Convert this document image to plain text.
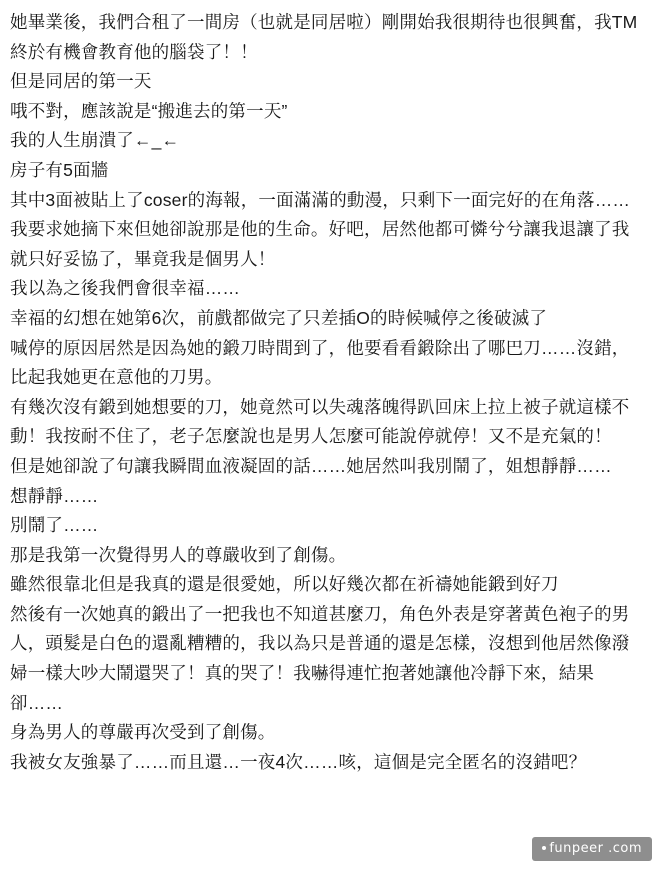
她畢業後，我們合租了一間房（也就是同居啦）剛開始我很期待也很興奮，我TM終於有機會教育他的腦袋了！！

但是同居的第一天

哦不對，應該說是“搬進去的第一天”

我的人生崩潰了←_←

房子有5面牆

其中3面被貼上了coser的海報，一面滿滿的動漫，只剩下一面完好的在角落……

我要求她摘下來但她卻說那是他的生命。好吧，居然他都可憐兮兮讓我退讓了我就只好妥協了，畢竟我是個男人！

我以為之後我們會很幸福……

幸福的幻想在她第6次，前戲都做完了只差插O的時候喊停之後破滅了

喊停的原因居然是因為她的鍛刀時間到了，他要看看鍛除出了哪巴刀……沒錯，比起我她更在意他的刀男。

有幾次沒有鍛到她想要的刀，她竟然可以失魂落魄得趴回床上拉上被子就這樣不動！我按耐不住了，老子怎麼說也是男人怎麼可能說停就停！又不是充氣的！

但是她卻說了句讓我瞬間血液凝固的話……她居然叫我別鬧了，姐想靜靜……

想靜靜……

別鬧了……

那是我第一次覺得男人的尊嚴收到了創傷。

雖然很靠北但是我真的還是很愛她，所以好幾次都在祈禱她能鍛到好刀

然後有一次她真的鍛出了一把我也不知道甚麼刀，角色外表是穿著黃色袍子的男人，頭髮是白色的還亂糟糟的，我以為只是普通的還是怎樣，沒想到他居然像潑婦一樣大吵大鬧還哭了！真的哭了！我嚇得連忙抱著她讓他冷靜下來，結果卻……

身為男人的尊嚴再次受到了創傷。

我被女友強暴了……而且還…一夜4次……咳，這個是完全匿名的沒錯吧？

funpeer .com
